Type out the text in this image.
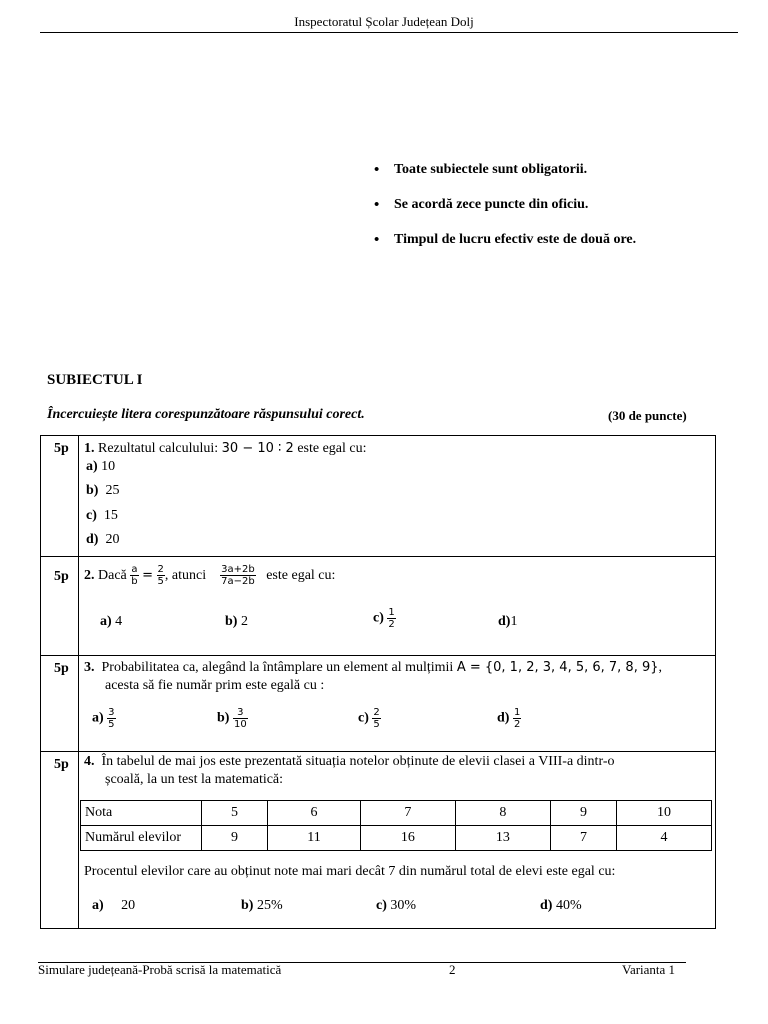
Inspectoratul Școlar Județean Dolj
• Toate subiectele sunt obligatorii.
• Se acordă zece puncte din oficiu.
• Timpul de lucru efectiv este de două ore.
SUBIECTUL I
Încercuiește litera corespunzătoare răspunsului corect.	(30 de puncte)
5p 1. Rezultatul calculului: 30 − 10 ∶ 2 este egal cu:
a) 10
b) 25
c) 15
d) 20
5p 2. Dacă $\frac{a}{b} = \frac{2}{5}$ , atunci $\frac{3a+2b}{7a-2b}$ este egal cu:
a) 4	b) 2	$c) \frac{1}{2}$	d)1
5p 3. Probabilitatea ca, alegând la întâmplare un element al mulțimii A = {0, 1, 2, 3, 4, 5, 6, 7, 8, 9},
acesta să fie număr prim este egală cu :
$a) \frac{3}{5}$	$b) \frac{3}{10}$	$c) \frac{2}{5}$	$d) \frac{1}{2}$
5p 4. În tabelul de mai jos este prezentată situația notelor obținute de elevii clasei a VIII-a dintr-o
școală, la un test la matematică:
Nota	5	6	7	8	9	10
Numărul elevilor	9	11	16	13	7	4
Procentul elevilor care au obținut note mai mari decât 7 din numărul total de elevi este egal cu:
a) 20	b) 25%	c) 30%	d) 40%
Simulare județeană-Probă scrisă la matematică	2	Varianta 1
